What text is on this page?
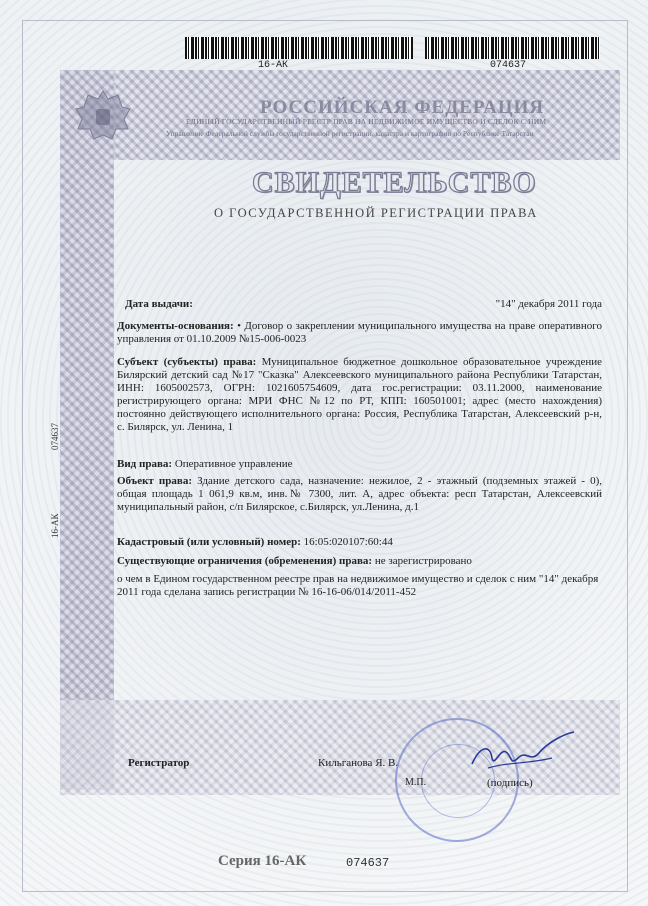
16-АК	074637
РОССИЙСКАЯ ФЕДЕРАЦИЯ
ЕДИНЫЙ ГОСУДАРСТВЕННЫЙ РЕЕСТР ПРАВ НА НЕДВИЖИМОЕ ИМУЩЕСТВО И СДЕЛОК С НИМ
Управление Федеральной службы государственной регистрации, кадастра и картографии по Республике Татарстан
СВИДЕТЕЛЬСТВО
О ГОСУДАРСТВЕННОЙ РЕГИСТРАЦИИ ПРАВА
074637
16-АК
Дата выдачи:	"14" декабря 2011 года
Документы-основания: • Договор о закреплении муниципального имущества на праве оперативного управления от 01.10.2009 №15-006-0023
Субъект (субъекты) права: Муниципальное бюджетное дошкольное образовательное учреждение Билярский детский сад №17 "Сказка" Алексеевского муниципального района Республики Татарстан, ИНН: 1605002573, ОГРН: 1021605754609, дата гос.регистрации: 03.11.2000, наименование регистрирующего органа: МРИ ФНС №12 по РТ, КПП: 160501001; адрес (место нахождения) постоянно действующего исполнительного органа: Россия, Республика Татарстан, Алексеевский р-н, с. Билярск, ул. Ленина, 1
Вид права: Оперативное управление
Объект права: Здание детского сада, назначение: нежилое, 2 - этажный (подземных этажей - 0), общая площадь 1 061,9 кв.м, инв.№ 7300, лит. А, адрес объекта: респ Татарстан, Алексеевский муниципальный район, с/п Билярское, с.Билярск, ул.Ленина, д.1
Кадастровый (или условный) номер: 16:05:020107:60:44
Существующие ограничения (обременения) права: не зарегистрировано
о чем в Едином государственном реестре прав на недвижимое имущество и сделок с ним "14" декабря 2011 года сделана запись регистрации № 16-16-06/014/2011-452
Регистратор	Кильганова Я. В.
М.П.	(подпись)
Серия 16-АК	074637
